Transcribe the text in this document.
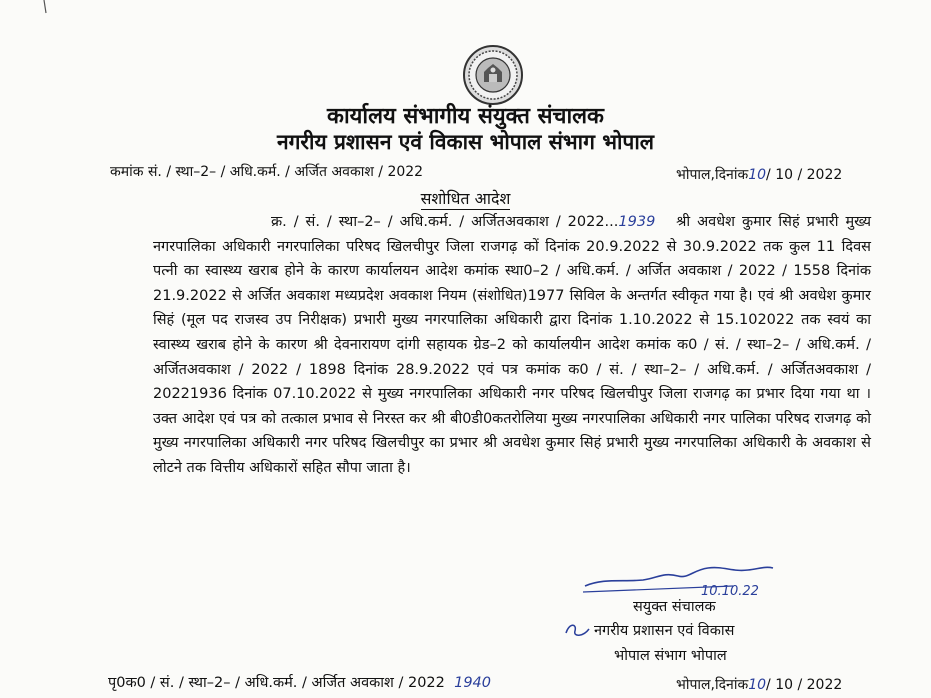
कार्यालय संभागीय संयुक्त संचालक
नगरीय प्रशासन एवं विकास भोपाल संभाग भोपाल
कमांक सं. / स्था–2– / अधि.कर्म. / अर्जित अवकाश / 2022	भोपाल,दिनांक10/ 10 / 2022
सशोधित आदेश
क्र. / सं. / स्था–2– / अधि.कर्म. / अर्जितअवकाश / 2022...1939 श्री अवधेश कुमार सिहं प्रभारी मुख्य नगरपालिका अधिकारी नगरपालिका परिषद खिलचीपुर जिला राजगढ़ कों दिनांक 20.9.2022 से 30.9.2022 तक कुल 11 दिवस पत्नी का स्वास्थ्य खराब होने के कारण कार्यालयन आदेश कमांक स्था0–2 / अधि.कर्म. / अर्जित अवकाश / 2022 / 1558 दिनांक 21.9.2022 से अर्जित अवकाश मध्यप्रदेश अवकाश नियम (संशोधित)1977 सिविल के अन्तर्गत स्वीकृत गया है। एवं श्री अवधेश कुमार सिहं (मूल पद राजस्व उप निरीक्षक) प्रभारी मुख्य नगरपालिका अधिकारी द्वारा दिनांक 1.10.2022 से 15.102022 तक स्वयं का स्वास्थ्य खराब होने के कारण श्री देवनारायण दांगी सहायक ग्रेड–2 को कार्यालयीन आदेश कमांक क0 / सं. / स्था–2– / अधि.कर्म. / अर्जितअवकाश / 2022 / 1898 दिनांक 28.9.2022 एवं पत्र कमांक क0 / सं. / स्था–2– / अधि.कर्म. / अर्जितअवकाश / 20221936 दिनांक 07.10.2022 से मुख्य नगरपालिका अधिकारी नगर परिषद खिलचीपुर जिला राजगढ़ का प्रभार दिया गया था । उक्त आदेश एवं पत्र को तत्काल प्रभाव से निरस्त कर श्री बी0डी0कतरोलिया मुख्य नगरपालिका अधिकारी नगर पालिका परिषद राजगढ़ को मुख्य नगरपालिका अधिकारी नगर परिषद खिलचीपुर का प्रभार श्री अवधेश कुमार सिहं प्रभारी मुख्य नगरपालिका अधिकारी के अवकाश से लोटने तक वित्तीय अधिकारों सहित सौपा जाता है।
10.10.22
सयुक्त संचालक
नगरीय प्रशासन एवं विकास
भोपाल संभाग भोपाल
पृ0क0 / सं. / स्था–2– / अधि.कर्म. / अर्जित अवकाश / 2022 1940	भोपाल,दिनांक10/ 10 / 2022
